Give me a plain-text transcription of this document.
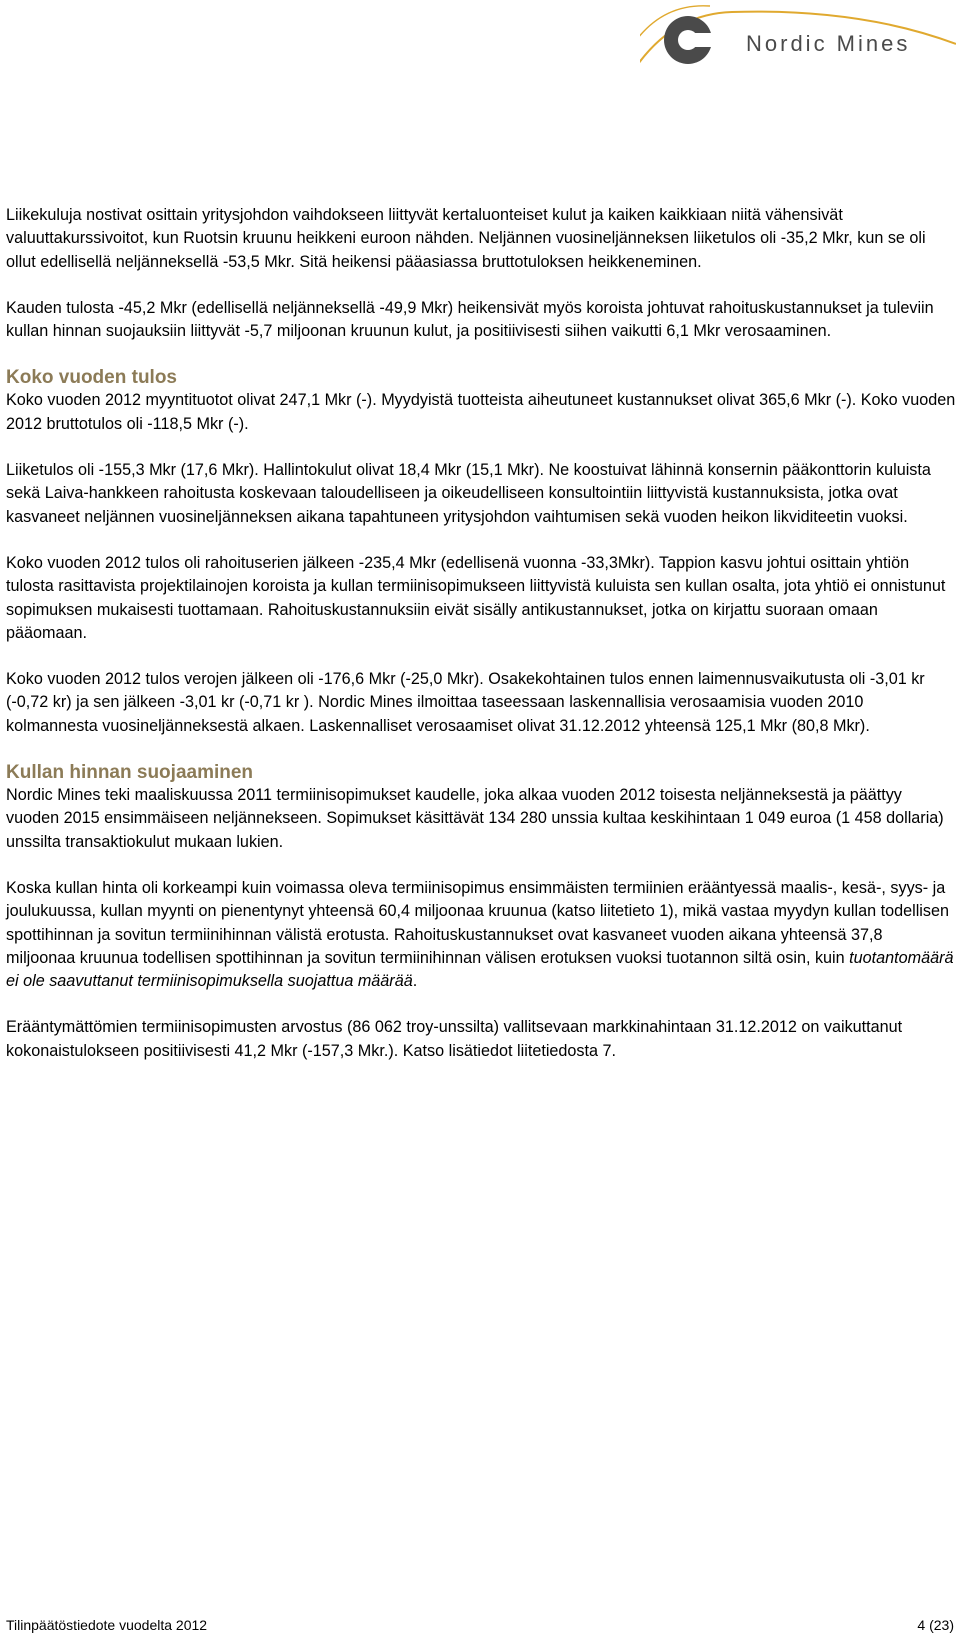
Nordic Mines

Liikekuluja nostivat osittain yritysjohdon vaihdokseen liittyvät kertaluonteiset kulut ja kaiken kaikkiaan niitä vähensivät valuuttakurssivoitot, kun Ruotsin kruunu heikkeni euroon nähden. Neljännen vuosineljänneksen liiketulos oli -35,2 Mkr, kun se oli ollut edellisellä neljänneksellä -53,5 Mkr. Sitä heikensi pääasiassa bruttotuloksen heikkeneminen.

Kauden tulosta -45,2 Mkr (edellisellä neljänneksellä -49,9 Mkr) heikensivät myös koroista johtuvat rahoituskustannukset ja tuleviin kullan hinnan suojauksiin liittyvät -5,7 miljoonan kruunun kulut, ja positiivisesti siihen vaikutti 6,1 Mkr verosaaminen.

Koko vuoden tulos

Koko vuoden 2012 myyntituotot olivat 247,1 Mkr (-). Myydyistä tuotteista aiheutuneet kustannukset olivat 365,6 Mkr (-). Koko vuoden 2012 bruttotulos oli -118,5 Mkr (-).

Liiketulos oli -155,3 Mkr (17,6 Mkr). Hallintokulut olivat 18,4 Mkr (15,1 Mkr). Ne koostuivat lähinnä konsernin pääkonttorin kuluista sekä Laiva-hankkeen rahoitusta koskevaan taloudelliseen ja oikeudelliseen konsultointiin liittyvistä kustannuksista, jotka ovat kasvaneet neljännen vuosineljänneksen aikana tapahtuneen yritysjohdon vaihtumisen sekä vuoden heikon likviditeetin vuoksi.

Koko vuoden 2012 tulos oli rahoituserien jälkeen -235,4 Mkr (edellisenä vuonna -33,3Mkr). Tappion kasvu johtui osittain yhtiön tulosta rasittavista projektilainojen koroista ja kullan termiinisopimukseen liittyvistä kuluista sen kullan osalta, jota yhtiö ei onnistunut sopimuksen mukaisesti tuottamaan. Rahoituskustannuksiin eivät sisälly antikustannukset, jotka on kirjattu suoraan omaan pääomaan.

Koko vuoden 2012 tulos verojen jälkeen oli -176,6 Mkr (-25,0 Mkr). Osakekohtainen tulos ennen laimennusvaikutusta oli -3,01 kr (-0,72 kr) ja sen jälkeen -3,01 kr (-0,71 kr ). Nordic Mines ilmoittaa taseessaan laskennallisia verosaamisia vuoden 2010 kolmannesta vuosineljänneksestä alkaen. Laskennalliset verosaamiset olivat 31.12.2012 yhteensä 125,1 Mkr (80,8 Mkr).

Kullan hinnan suojaaminen

Nordic Mines teki maaliskuussa 2011 termiinisopimukset kaudelle, joka alkaa vuoden 2012 toisesta neljänneksestä ja päättyy vuoden 2015 ensimmäiseen neljännekseen. Sopimukset käsittävät 134 280 unssia kultaa keskihintaan 1 049 euroa (1 458 dollaria) unssilta transaktiokulut mukaan lukien.

Koska kullan hinta oli korkeampi kuin voimassa oleva termiinisopimus ensimmäisten termiinien erääntyessä maalis-, kesä-, syys- ja joulukuussa, kullan myynti on pienentynyt yhteensä 60,4 miljoonaa kruunua (katso liitetieto 1), mikä vastaa myydyn kullan todellisen spottihinnan ja sovitun termiinihinnan välistä erotusta. Rahoituskustannukset ovat kasvaneet vuoden aikana yhteensä 37,8 miljoonaa kruunua todellisen spottihinnan ja sovitun termiinihinnan välisen erotuksen vuoksi tuotannon siltä osin, kuin tuotantomäärä ei ole saavuttanut termiinisopimuksella suojattua määrää.

Erääntymättömien termiinisopimusten arvostus (86 062 troy-unssilta) vallitsevaan markkinahintaan 31.12.2012 on vaikuttanut kokonaistulokseen positiivisesti 41,2 Mkr (-157,3 Mkr.). Katso lisätiedot liitetiedosta 7.

Tilinpäätöstiedote vuodelta 2012	4 (23)
